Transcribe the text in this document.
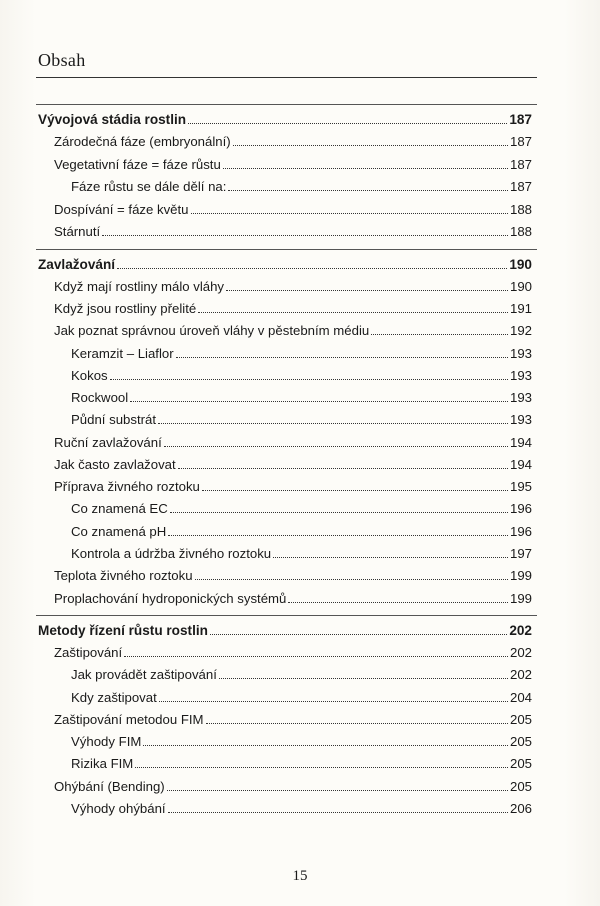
Obsah
Vývojová stádia rostlin	187
Zárodečná fáze (embryonální)	187
Vegetativní fáze = fáze růstu	187
Fáze růstu se dále dělí na:	187
Dospívání = fáze květu	188
Stárnutí	188
Zavlažování	190
Když mají rostliny málo vláhy	190
Když jsou rostliny přelité	191
Jak poznat správnou úroveň vláhy v pěstebním médiu	192
Keramzit – Liaflor	193
Kokos	193
Rockwool	193
Půdní substrát	193
Ruční zavlažování	194
Jak často zavlažovat	194
Příprava živného roztoku	195
Co znamená EC	196
Co znamená pH	196
Kontrola a údržba živného roztoku	197
Teplota živného roztoku	199
Proplachování hydroponických systémů	199
Metody řízení růstu rostlin	202
Zaštipování	202
Jak provádět zaštipování	202
Kdy zaštipovat	204
Zaštipování metodou FIM	205
Výhody FIM	205
Rizika FIM	205
Ohýbání (Bending)	205
Výhody ohýbání	206
15
